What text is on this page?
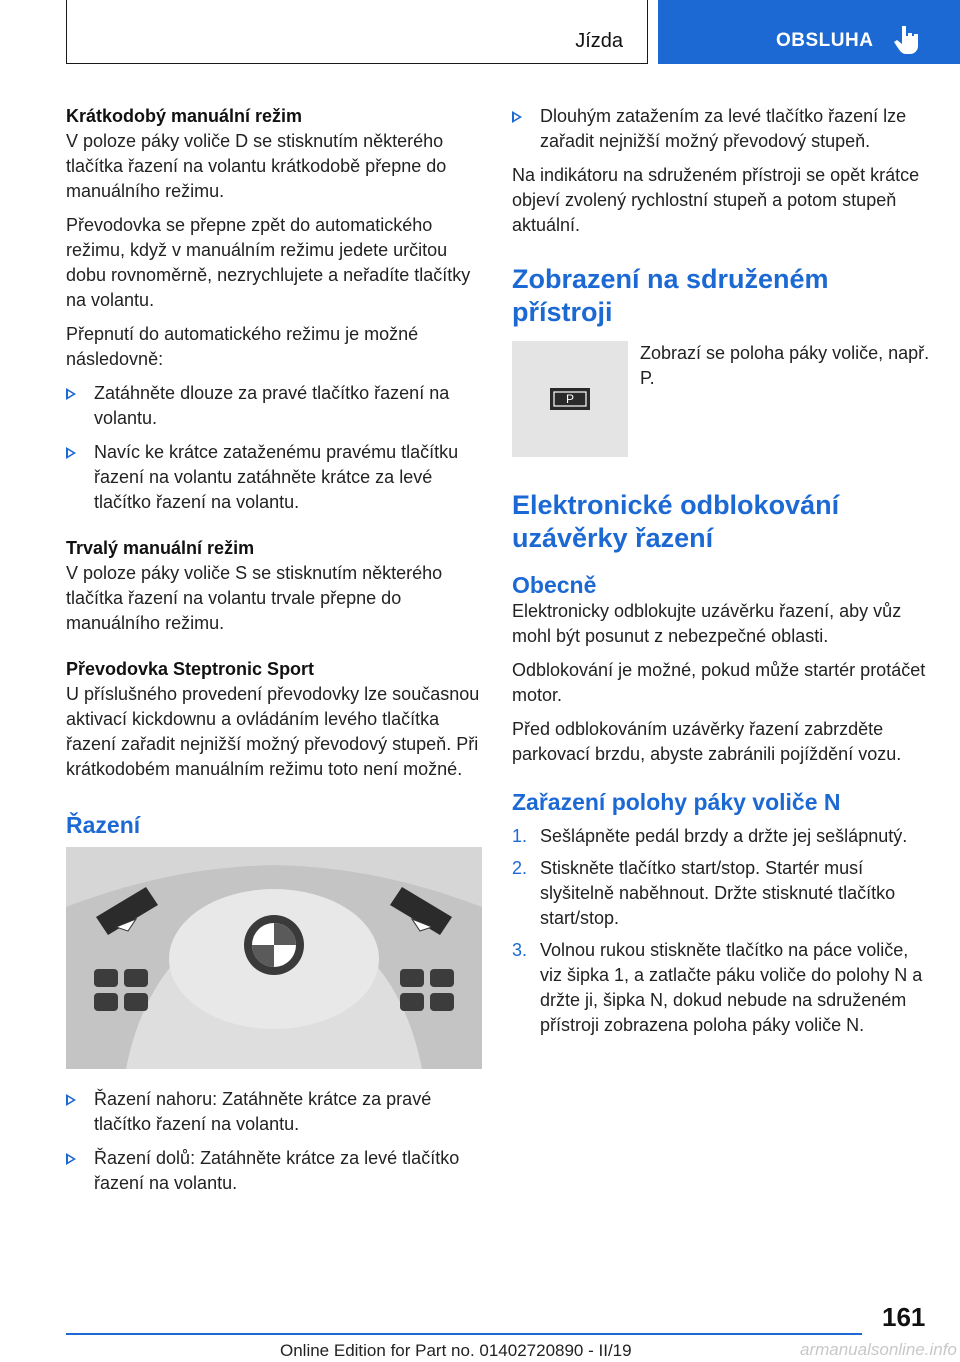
Jízda	OBSLUHA

Krátkodobý manuální režim

V poloze páky voliče D se stisknutím některého tlačítka řazení na volantu krátkodobě přepne do manuálního režimu.

Převodovka se přepne zpět do automatického režimu, když v manuálním režimu jedete určitou dobu rovnoměrně, nezrychlujete a neřadíte tlačítky na volantu.

Přepnutí do automatického režimu je možné následovně:

Zatáhněte dlouze za pravé tlačítko řazení na volantu.
Navíc ke krátce zataženému pravému tlačítku řazení na volantu zatáhněte krátce za levé tlačítko řazení na volantu.

Trvalý manuální režim

V poloze páky voliče S se stisknutím některého tlačítka řazení na volantu trvale přepne do manuálního režimu.

Převodovka Steptronic Sport

U příslušného provedení převodovky lze současnou aktivací kickdownu a ovládáním levého tlačítka řazení zařadit nejnižší možný převodový stupeň. Při krátkodobém manuálním režimu toto není možné.

Řazení

Řazení nahoru: Zatáhněte krátce za pravé tlačítko řazení na volantu.
Řazení dolů: Zatáhněte krátce za levé tlačítko řazení na volantu.
Dlouhým zatažením za levé tlačítko řazení lze zařadit nejnižší možný převodový stupeň.

Na indikátoru na sdruženém přístroji se opět krátce objeví zvolený rychlostní stupeň a potom stupeň aktuální.

Zobrazení na sdruženém přístroji

P
Zobrazí se poloha páky voliče, např. P.

Elektronické odblokování uzávěrky řazení

Obecně

Elektronicky odblokujte uzávěrku řazení, aby vůz mohl být posunut z nebezpečné oblasti.

Odblokování je možné, pokud může startér protáčet motor.

Před odblokováním uzávěrky řazení zabrzděte parkovací brzdu, abyste zabránili pojíždění vozu.

Zařazení polohy páky voliče N

1. Sešlápněte pedál brzdy a držte jej sešlápnutý.
2. Stiskněte tlačítko start/stop. Startér musí slyšitelně naběhnout. Držte stisknuté tlačítko start/stop.
3. Volnou rukou stiskněte tlačítko na páce voliče, viz šipka 1, a zatlačte páku voliče do polohy N a držte ji, šipka N, dokud nebude na sdruženém přístroji zobrazena poloha páky voliče N.
161
Online Edition for Part no. 01402720890 - II/19	armanualsonline.info
